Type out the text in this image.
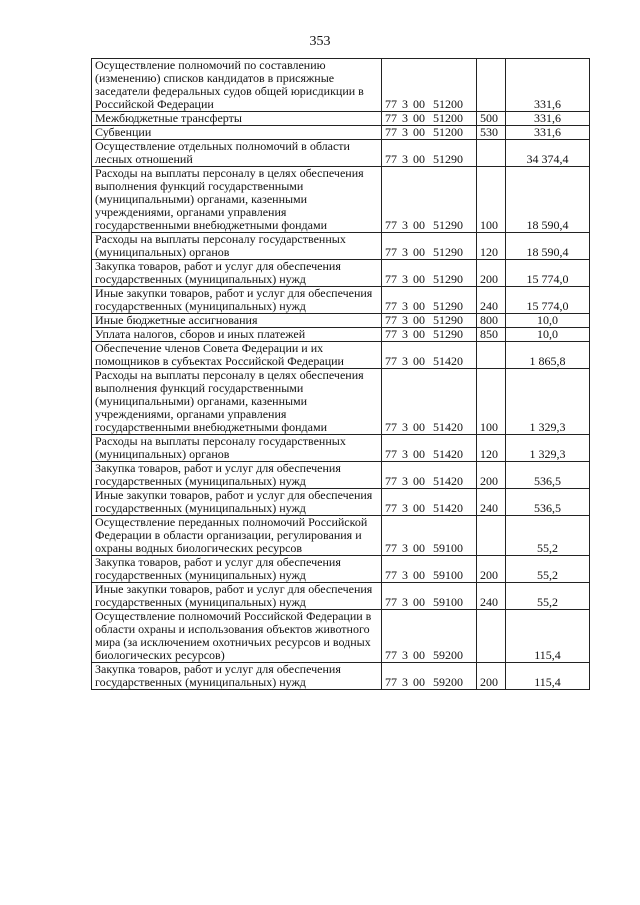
353
Осуществление полномочий по составлению (изменению) списков кандидатов в присяжные заседатели федеральных судов общей юрисдикции в Российской Федерации	77 3 00 51200		331,6
Межбюджетные трансферты	77 3 00 51200	500	331,6
Субвенции	77 3 00 51200	530	331,6
Осуществление отдельных полномочий в области лесных отношений	77 3 00 51290		34 374,4
Расходы на выплаты персоналу в целях обеспечения выполнения функций государственными (муниципальными) органами, казенными учреждениями, органами управления государственными внебюджетными фондами	77 3 00 51290	100	18 590,4
Расходы на выплаты персоналу государственных (муниципальных) органов	77 3 00 51290	120	18 590,4
Закупка товаров, работ и услуг для обеспечения государственных (муниципальных) нужд	77 3 00 51290	200	15 774,0
Иные закупки товаров, работ и услуг для обеспечения государственных (муниципальных) нужд	77 3 00 51290	240	15 774,0
Иные бюджетные ассигнования	77 3 00 51290	800	10,0
Уплата налогов, сборов и иных платежей	77 3 00 51290	850	10,0
Обеспечение членов Совета Федерации и их помощников в субъектах Российской Федерации	77 3 00 51420		1 865,8
Расходы на выплаты персоналу в целях обеспечения выполнения функций государственными (муниципальными) органами, казенными учреждениями, органами управления государственными внебюджетными фондами	77 3 00 51420	100	1 329,3
Расходы на выплаты персоналу государственных (муниципальных) органов	77 3 00 51420	120	1 329,3
Закупка товаров, работ и услуг для обеспечения государственных (муниципальных) нужд	77 3 00 51420	200	536,5
Иные закупки товаров, работ и услуг для обеспечения государственных (муниципальных) нужд	77 3 00 51420	240	536,5
Осуществление переданных полномочий Российской Федерации в области организации, регулирования и охраны водных биологических ресурсов	77 3 00 59100		55,2
Закупка товаров, работ и услуг для обеспечения государственных (муниципальных) нужд	77 3 00 59100	200	55,2
Иные закупки товаров, работ и услуг для обеспечения государственных (муниципальных) нужд	77 3 00 59100	240	55,2
Осуществление полномочий Российской Федерации в области охраны и использования объектов животного мира (за исключением охотничьих ресурсов и водных биологических ресурсов)	77 3 00 59200		115,4
Закупка товаров, работ и услуг для обеспечения государственных (муниципальных) нужд	77 3 00 59200	200	115,4
